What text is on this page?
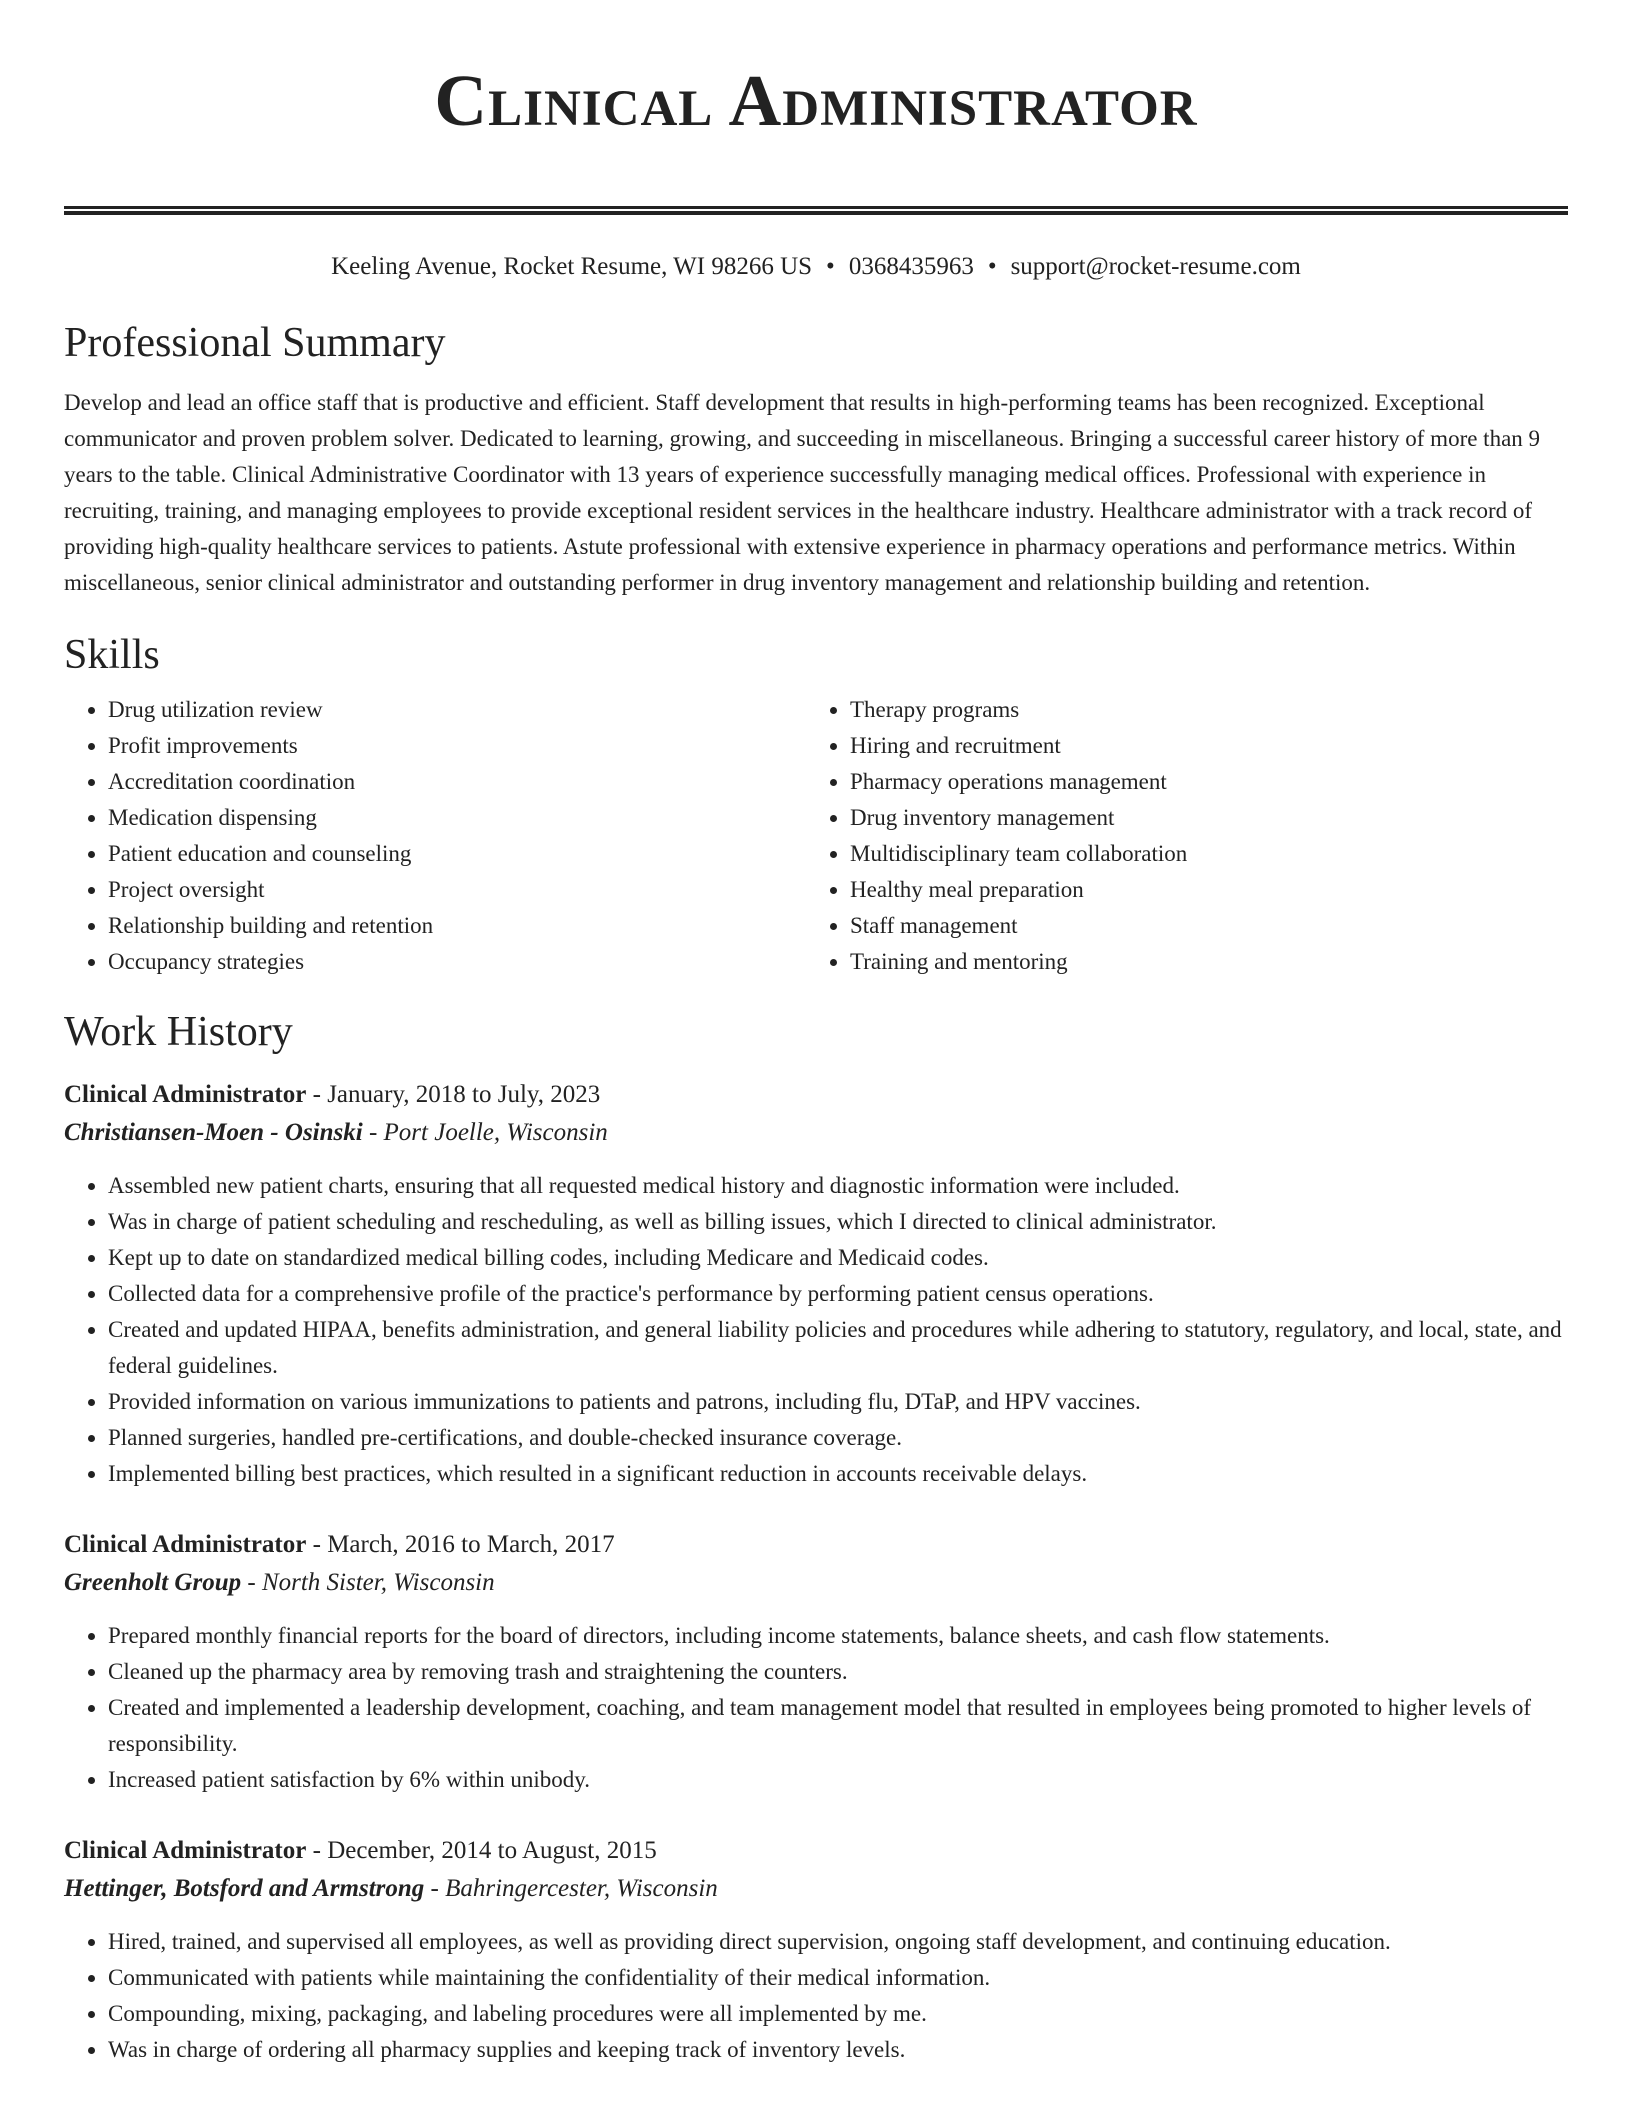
Clinical Administrator
Keeling Avenue, Rocket Resume, WI 98266 US • 0368435963 • support@rocket-resume.com
Professional Summary

Develop and lead an office staff that is productive and efficient. Staff development that results in high-performing teams has been recognized. Exceptional communicator and proven problem solver. Dedicated to learning, growing, and succeeding in miscellaneous. Bringing a successful career history of more than 9 years to the table. Clinical Administrative Coordinator with 13 years of experience successfully managing medical offices. Professional with experience in recruiting, training, and managing employees to provide exceptional resident services in the healthcare industry. Healthcare administrator with a track record of providing high-quality healthcare services to patients. Astute professional with extensive experience in pharmacy operations and performance metrics. Within miscellaneous, senior clinical administrator and outstanding performer in drug inventory management and relationship building and retention.

Skills
• Drug utilization review
• Profit improvements
• Accreditation coordination
• Medication dispensing
• Patient education and counseling
• Project oversight
• Relationship building and retention
• Occupancy strategies
• Therapy programs
• Hiring and recruitment
• Pharmacy operations management
• Drug inventory management
• Multidisciplinary team collaboration
• Healthy meal preparation
• Staff management
• Training and mentoring
Work History
Clinical Administrator - January, 2018 to July, 2023
Christiansen-Moen - Osinski - Port Joelle, Wisconsin
• Assembled new patient charts, ensuring that all requested medical history and diagnostic information were included.
• Was in charge of patient scheduling and rescheduling, as well as billing issues, which I directed to clinical administrator.
• Kept up to date on standardized medical billing codes, including Medicare and Medicaid codes.
• Collected data for a comprehensive profile of the practice's performance by performing patient census operations.
• Created and updated HIPAA, benefits administration, and general liability policies and procedures while adhering to statutory, regulatory, and local, state, and federal guidelines.
• Provided information on various immunizations to patients and patrons, including flu, DTaP, and HPV vaccines.
• Planned surgeries, handled pre-certifications, and double-checked insurance coverage.
• Implemented billing best practices, which resulted in a significant reduction in accounts receivable delays.
Clinical Administrator - March, 2016 to March, 2017
Greenholt Group - North Sister, Wisconsin
• Prepared monthly financial reports for the board of directors, including income statements, balance sheets, and cash flow statements.
• Cleaned up the pharmacy area by removing trash and straightening the counters.
• Created and implemented a leadership development, coaching, and team management model that resulted in employees being promoted to higher levels of responsibility.
• Increased patient satisfaction by 6% within unibody.
Clinical Administrator - December, 2014 to August, 2015
Hettinger, Botsford and Armstrong - Bahringercester, Wisconsin
• Hired, trained, and supervised all employees, as well as providing direct supervision, ongoing staff development, and continuing education.
• Communicated with patients while maintaining the confidentiality of their medical information.
• Compounding, mixing, packaging, and labeling procedures were all implemented by me.
• Was in charge of ordering all pharmacy supplies and keeping track of inventory levels.
